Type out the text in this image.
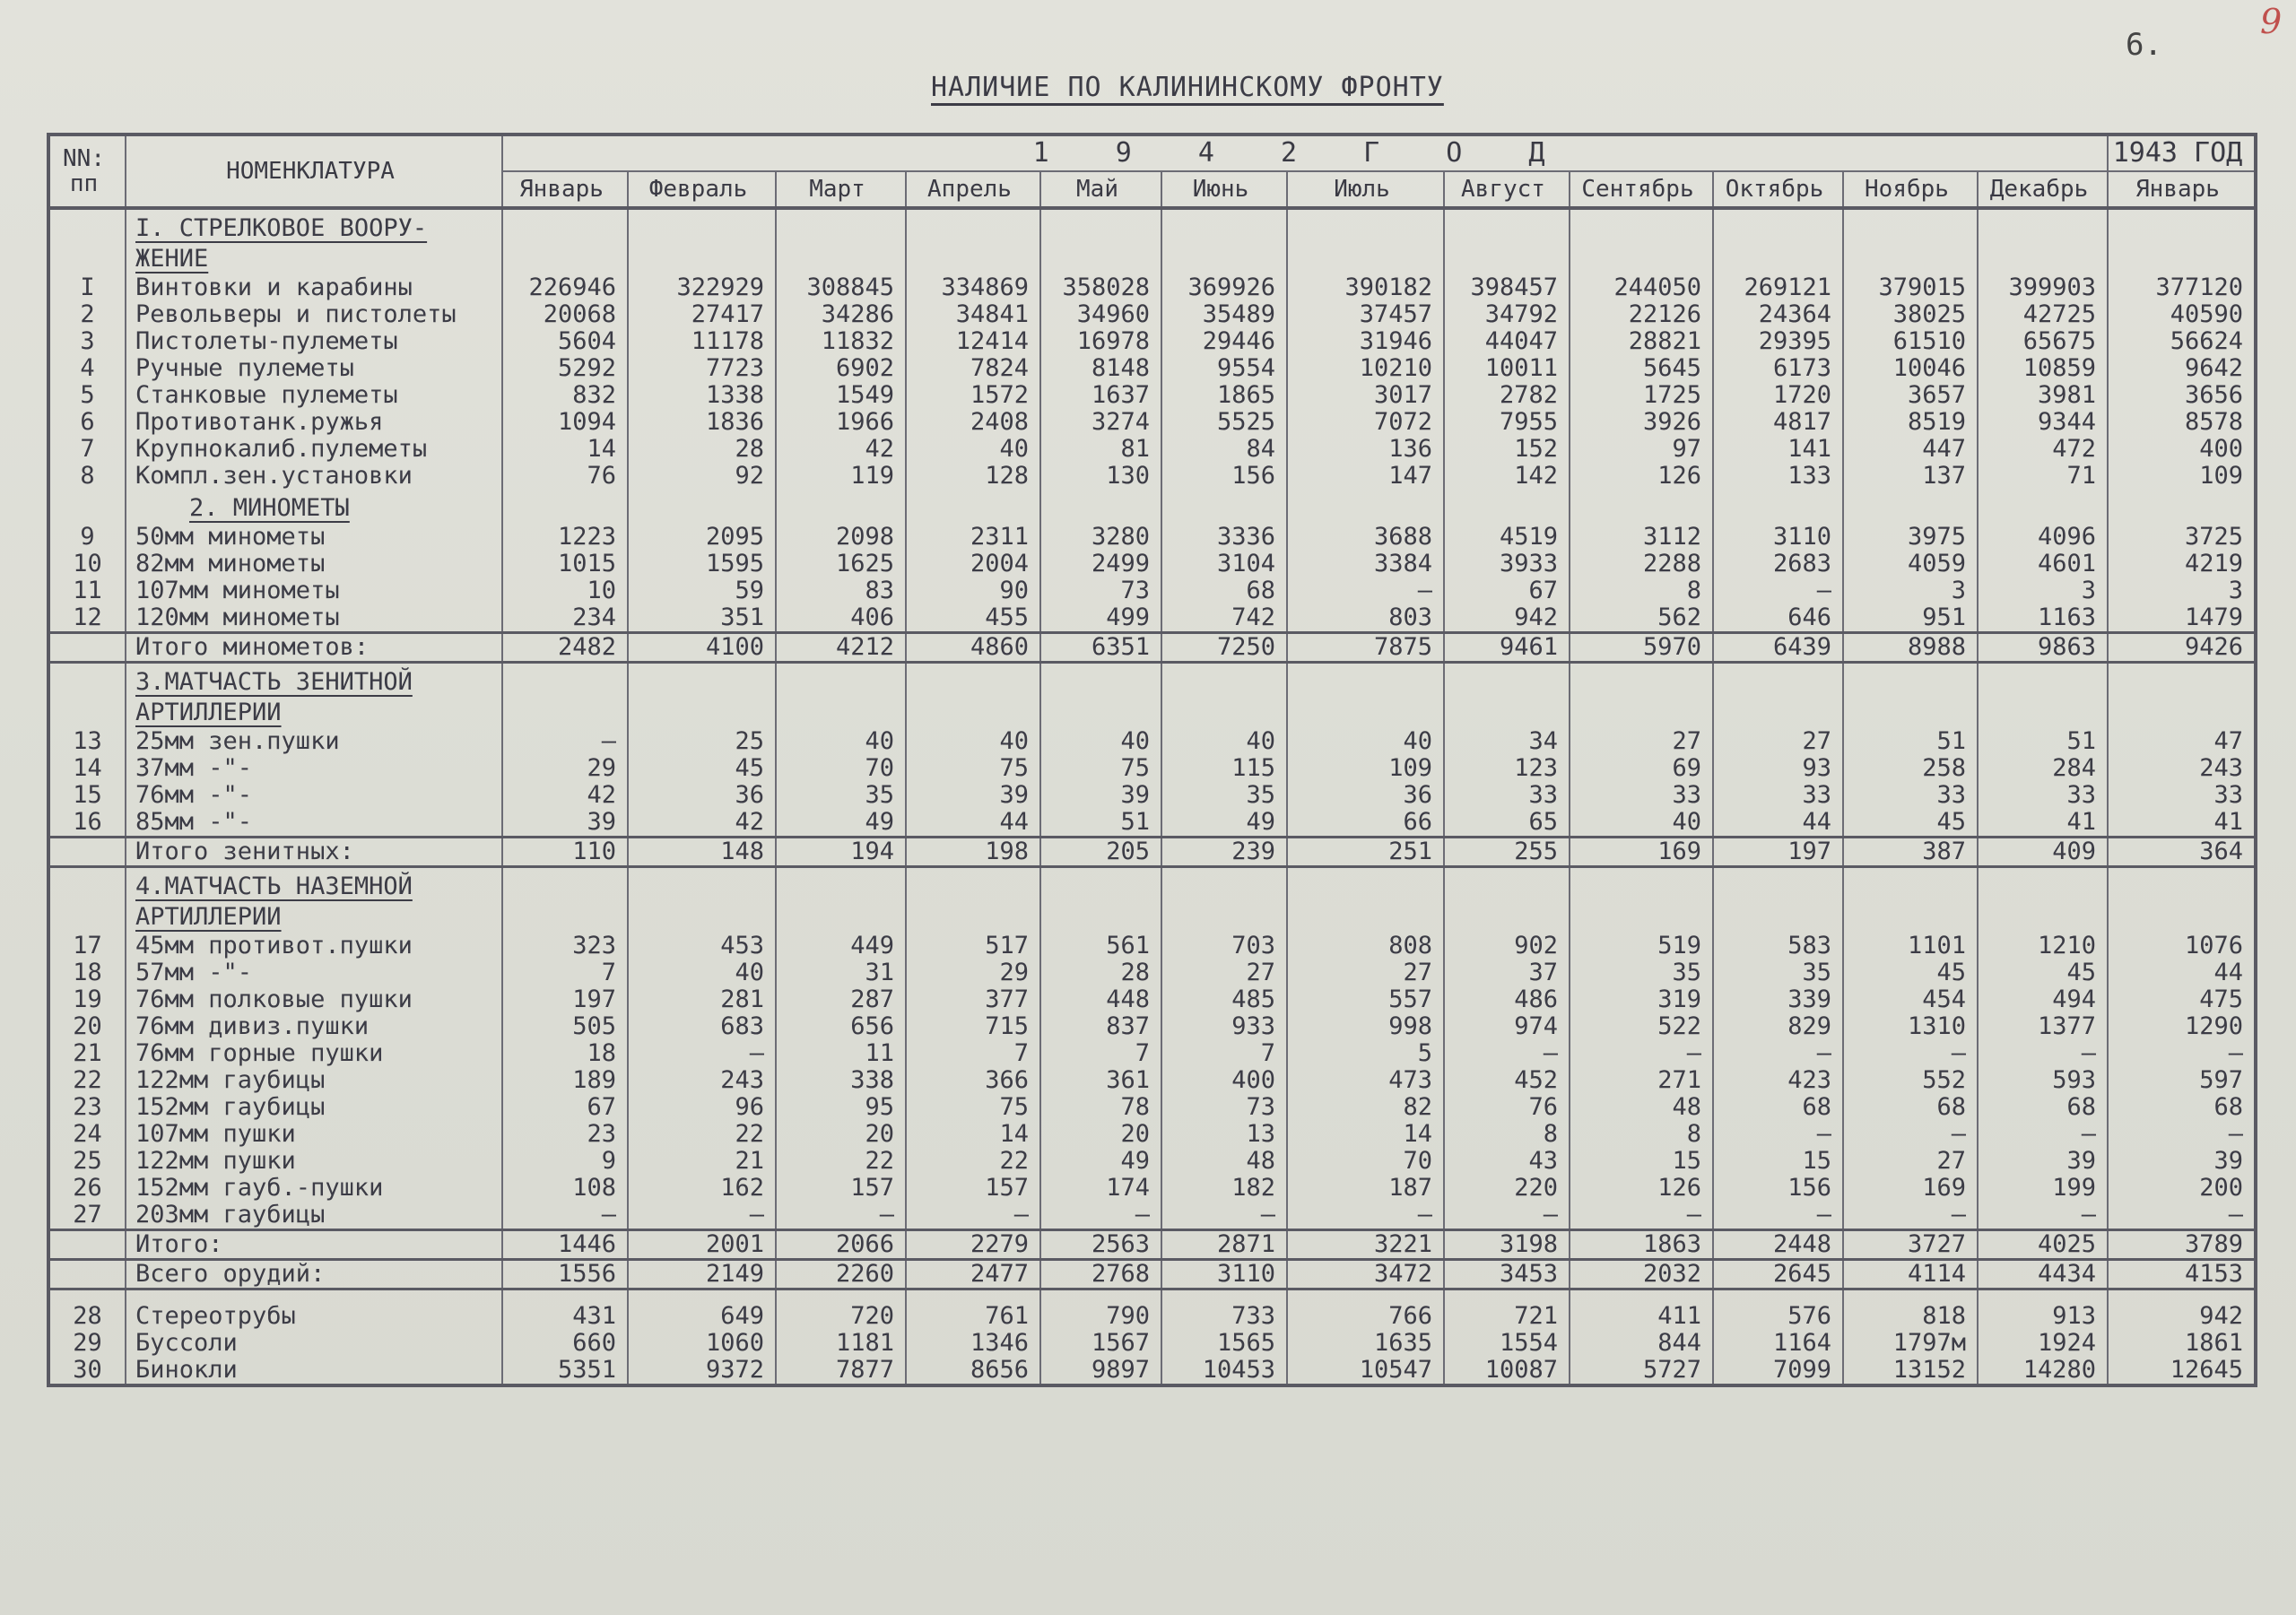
6.
9
НАЛИЧИЕ ПО КАЛИНИНСКОМУ ФРОНТУ
NN:
пп	НОМЕНКЛАТУРА	1 9 4 2 Г О Д												1943 ГОД
		Январь	Февраль	Март	Апрель	Май	Июнь	Июль	Август	Сентябрь	Октябрь	Ноябрь	Декабрь	Январь
	I. СТРЕЛКОВОЕ ВООРУ-
ЖЕНИЕ													
I	Винтовки и карабины	226946	322929	308845	334869	358028	369926	390182	398457	244050	269121	379015	399903	377120
2	Револьверы и пистолеты	20068	27417	34286	34841	34960	35489	37457	34792	22126	24364	38025	42725	40590
3	Пистолеты-пулеметы	5604	11178	11832	12414	16978	29446	31946	44047	28821	29395	61510	65675	56624
4	Ручные пулеметы	5292	7723	6902	7824	8148	9554	10210	10011	5645	6173	10046	10859	9642
5	Станковые пулеметы	832	1338	1549	1572	1637	1865	3017	2782	1725	1720	3657	3981	3656
6	Противотанк.ружья	1094	1836	1966	2408	3274	5525	7072	7955	3926	4817	8519	9344	8578
7	Крупнокалиб.пулеметы	14	28	42	40	81	84	136	152	97	141	447	472	400
8	Компл.зен.установки	76	92	119	128	130	156	147	142	126	133	137	71	109
	2. МИНОМЕТЫ													
9	50мм минометы	1223	2095	2098	2311	3280	3336	3688	4519	3112	3110	3975	4096	3725
10	82мм минометы	1015	1595	1625	2004	2499	3104	3384	3933	2288	2683	4059	4601	4219
11	107мм минометы	10	59	83	90	73	68	–	67	8	–	3	3	3
12	120мм минометы	234	351	406	455	499	742	803	942	562	646	951	1163	1479
	Итого минометов:	2482	4100	4212	4860	6351	7250	7875	9461	5970	6439	8988	9863	9426
	3.МАТЧАСТЬ ЗЕНИТНОЙ
АРТИЛЛЕРИИ													
13	25мм зен.пушки	–	25	40	40	40	40	40	34	27	27	51	51	47
14	37мм -"-	29	45	70	75	75	115	109	123	69	93	258	284	243
15	76мм -"-	42	36	35	39	39	35	36	33	33	33	33	33	33
16	85мм -"-	39	42	49	44	51	49	66	65	40	44	45	41	41
	Итого зенитных:	110	148	194	198	205	239	251	255	169	197	387	409	364
	4.МАТЧАСТЬ НАЗЕМНОЙ
АРТИЛЛЕРИИ													
17	45мм противот.пушки	323	453	449	517	561	703	808	902	519	583	1101	1210	1076
18	57мм -"-	7	40	31	29	28	27	27	37	35	35	45	45	44
19	76мм полковые пушки	197	281	287	377	448	485	557	486	319	339	454	494	475
20	76мм дивиз.пушки	505	683	656	715	837	933	998	974	522	829	1310	1377	1290
21	76мм горные пушки	18	–	11	7	7	7	5	–	–	–	–	–	–
22	122мм гаубицы	189	243	338	366	361	400	473	452	271	423	552	593	597
23	152мм гаубицы	67	96	95	75	78	73	82	76	48	68	68	68	68
24	107мм пушки	23	22	20	14	20	13	14	8	8	–	–	–	–
25	122мм пушки	9	21	22	22	49	48	70	43	15	15	27	39	39
26	152мм гауб.-пушки	108	162	157	157	174	182	187	220	126	156	169	199	200
27	203мм гаубицы	–	–	–	–	–	–	–	–	–	–	–	–	–
	Итого:	1446	2001	2066	2279	2563	2871	3221	3198	1863	2448	3727	4025	3789
	Всего орудий:	1556	2149	2260	2477	2768	3110	3472	3453	2032	2645	4114	4434	4153

28	Стереотрубы	431	649	720	761	790	733	766	721	411	576	818	913	942
29	Буссоли	660	1060	1181	1346	1567	1565	1635	1554	844	1164	1797м	1924	1861
30	Бинокли	5351	9372	7877	8656	9897	10453	10547	10087	5727	7099	13152	14280	12645
